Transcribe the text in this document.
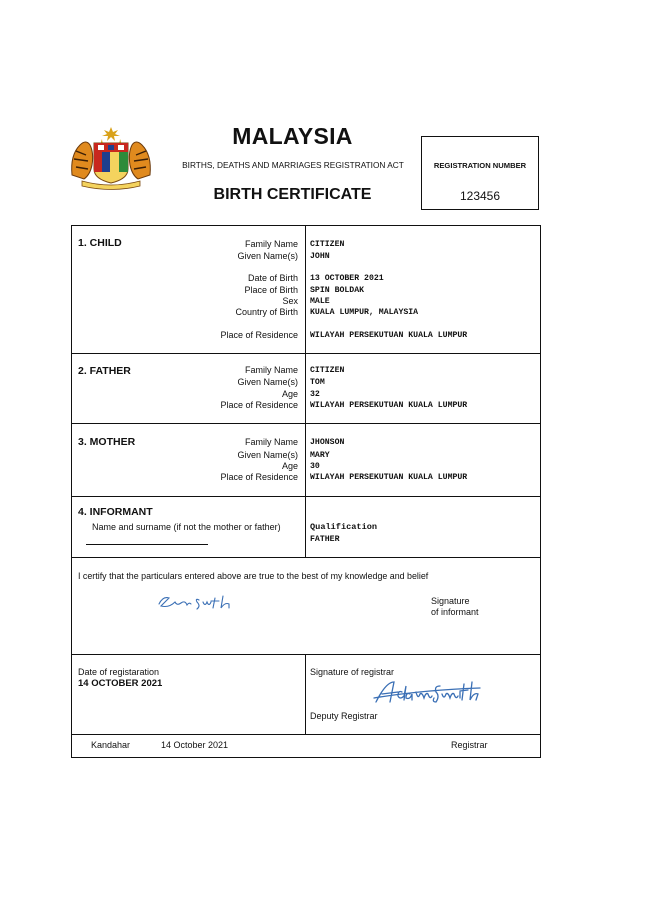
MALAYSIA
BIRTHS, DEATHS AND MARRIAGES REGISTRATION ACT
BIRTH CERTIFICATE
REGISTRATION NUMBER
123456
1. CHILD	Family Name CITIZEN
Given Name(s) JOHN
Date of Birth 13 OCTOBER 2021
Place of Birth SPIN BOLDAK
Sex MALE
Country of Birth KUALA LUMPUR, MALAYSIA
Place of Residence WILAYAH PERSEKUTUAN KUALA LUMPUR
2. FATHER	Family Name CITIZEN
Given Name(s) TOM
Age 32
Place of Residence WILAYAH PERSEKUTUAN KUALA LUMPUR
3. MOTHER	Family Name JHONSON
Given Name(s) MARY
Age 30
Place of Residence WILAYAH PERSEKUTUAN KUALA LUMPUR
4. INFORMANT
Name and surname (if not the mother or father)	Qualification
FATHER
I certify that the particulars entered above are true to the best of my knowledge and belief
Signature
of informant
Date of registaration
14 OCTOBER 2021
Signature of registrar
Deputy Registrar
Kandahar	14 October 2021	Registrar
